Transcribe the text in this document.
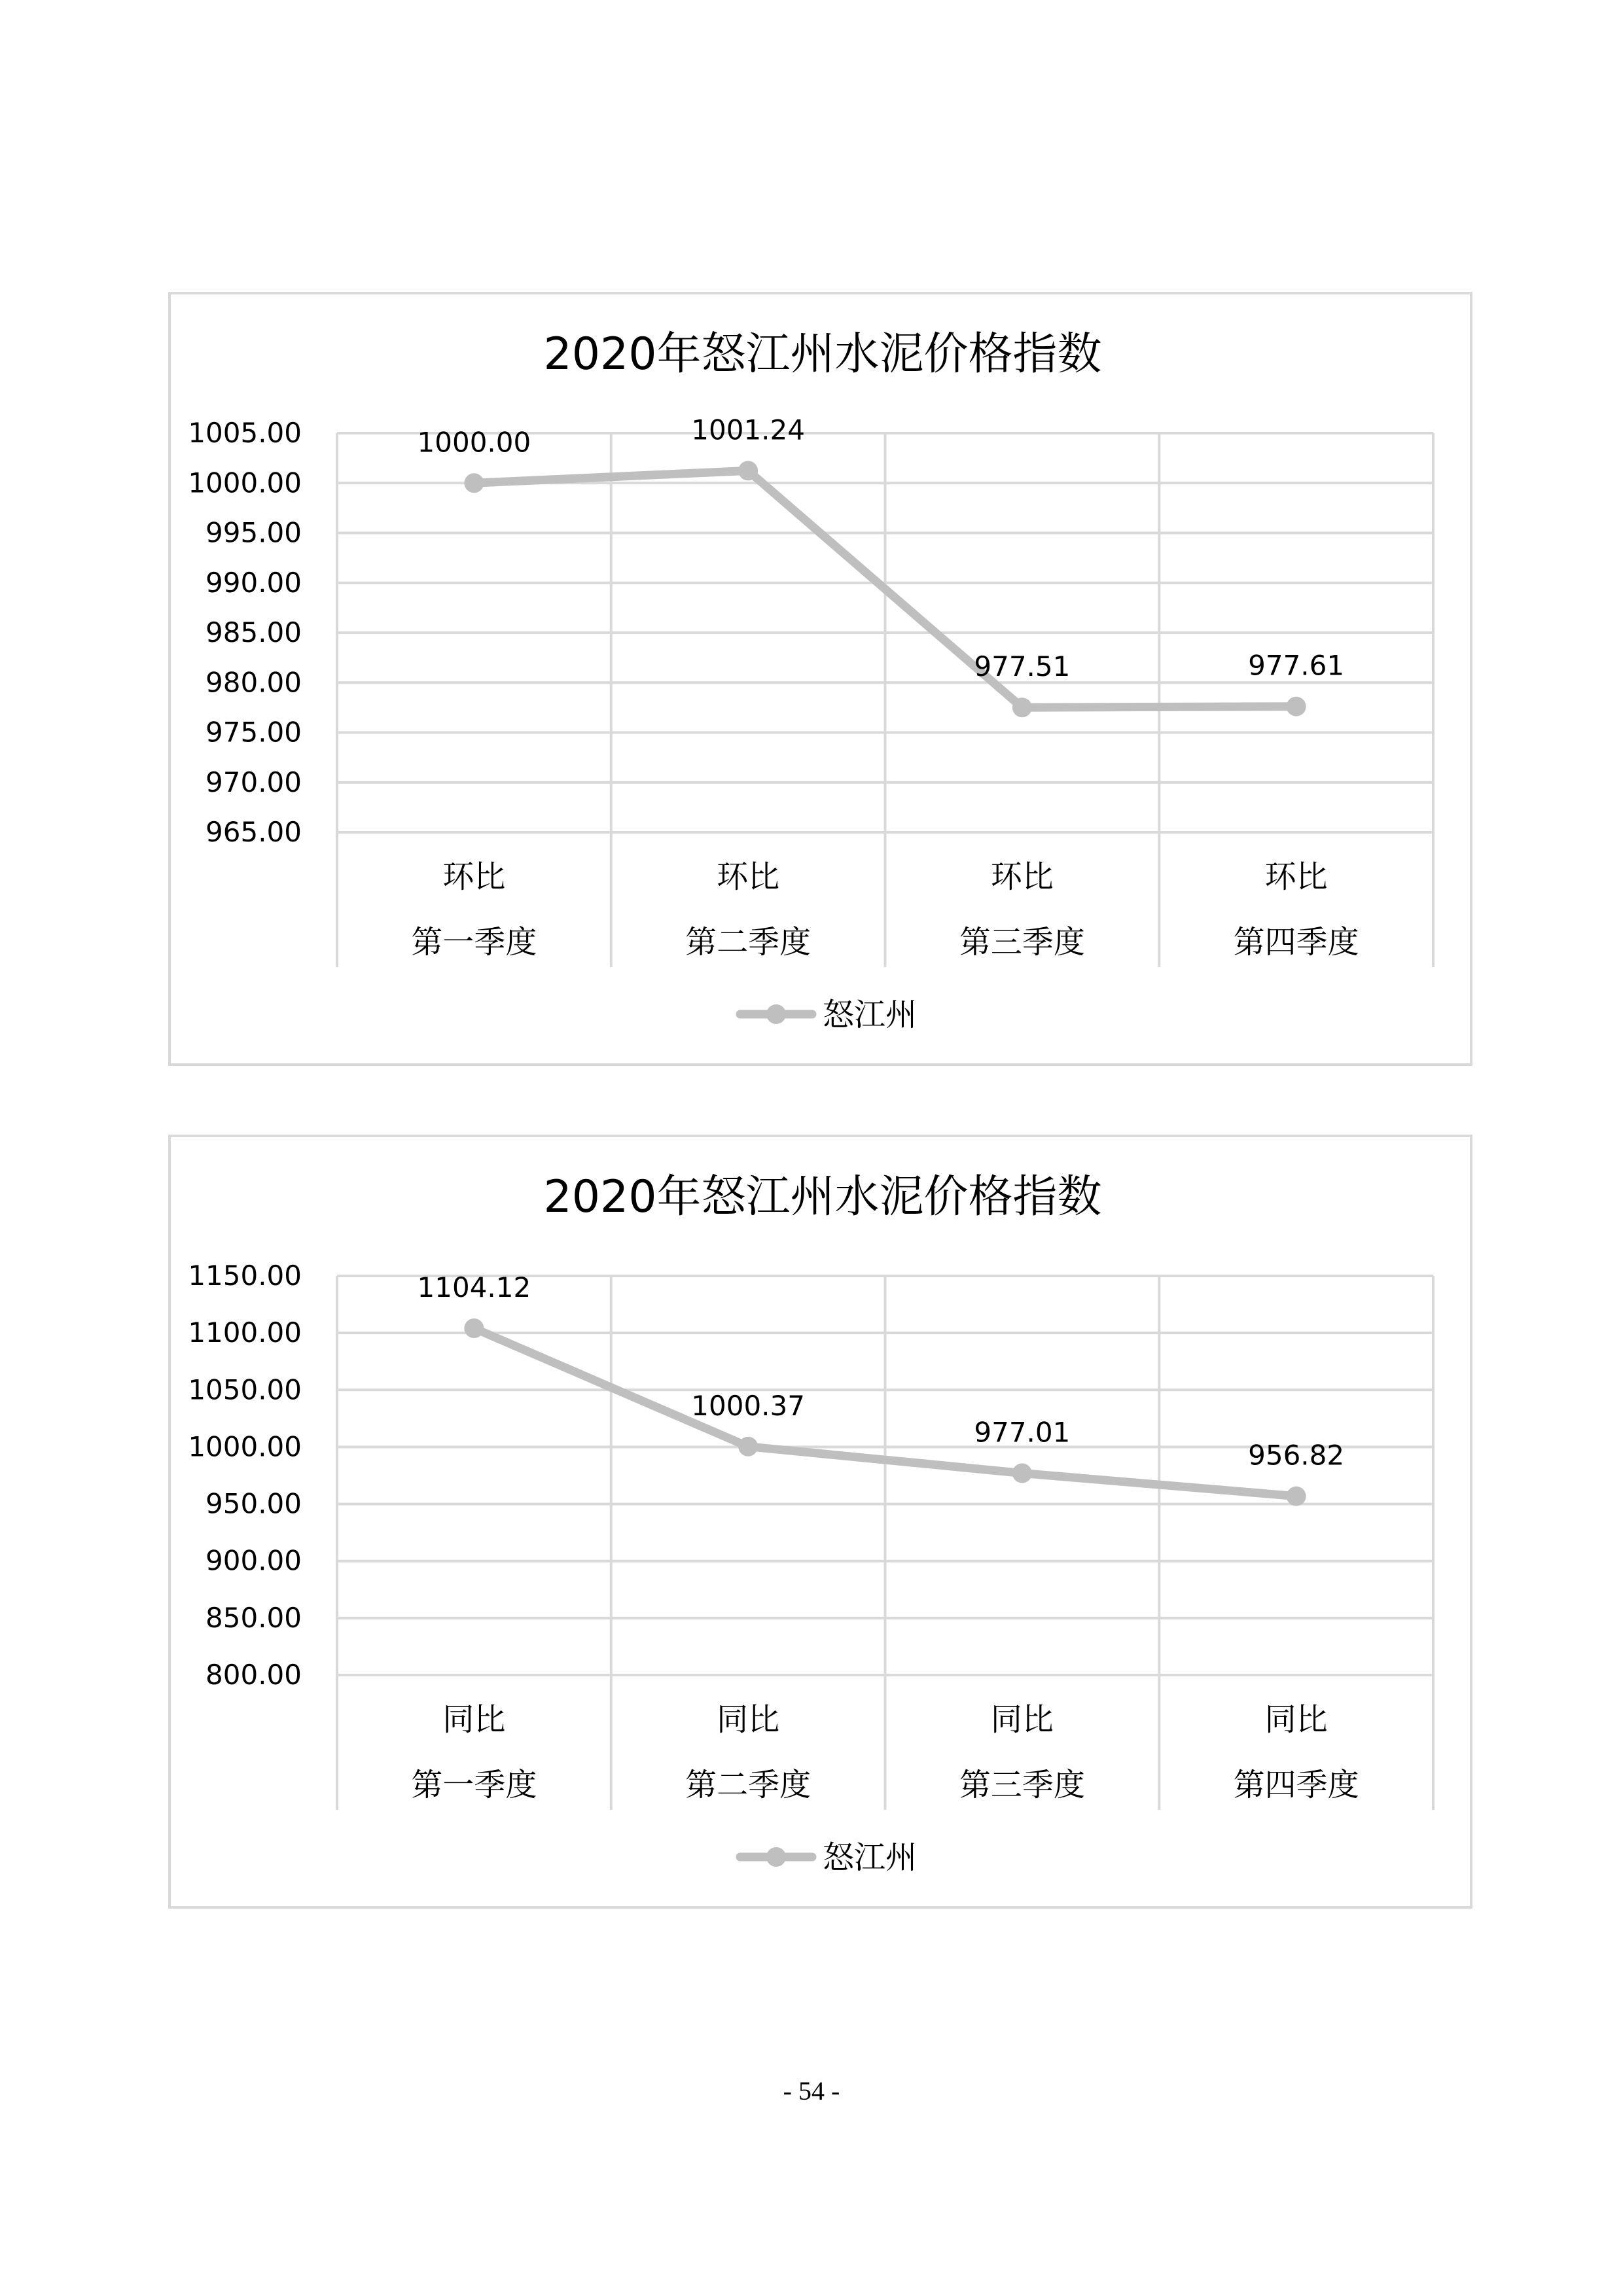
2020年怒江州水泥价格指数
1005.00
1000.00
995.00
990.00
985.00
980.00
975.00
970.00
965.00
环比
第一季度
环比
第二季度
环比
第三季度
环比
第四季度
1000.00	1001.24
977.51	977.61
怒江州
2020年怒江州水泥价格指数
1150.00
1100.00
1050.00
1000.00
950.00
900.00
850.00
800.00
同比
第一季度
同比
第二季度
同比
第三季度
同比
第四季度
1104.12
1000.37
977.01
956.82
怒江州
- 54 -
